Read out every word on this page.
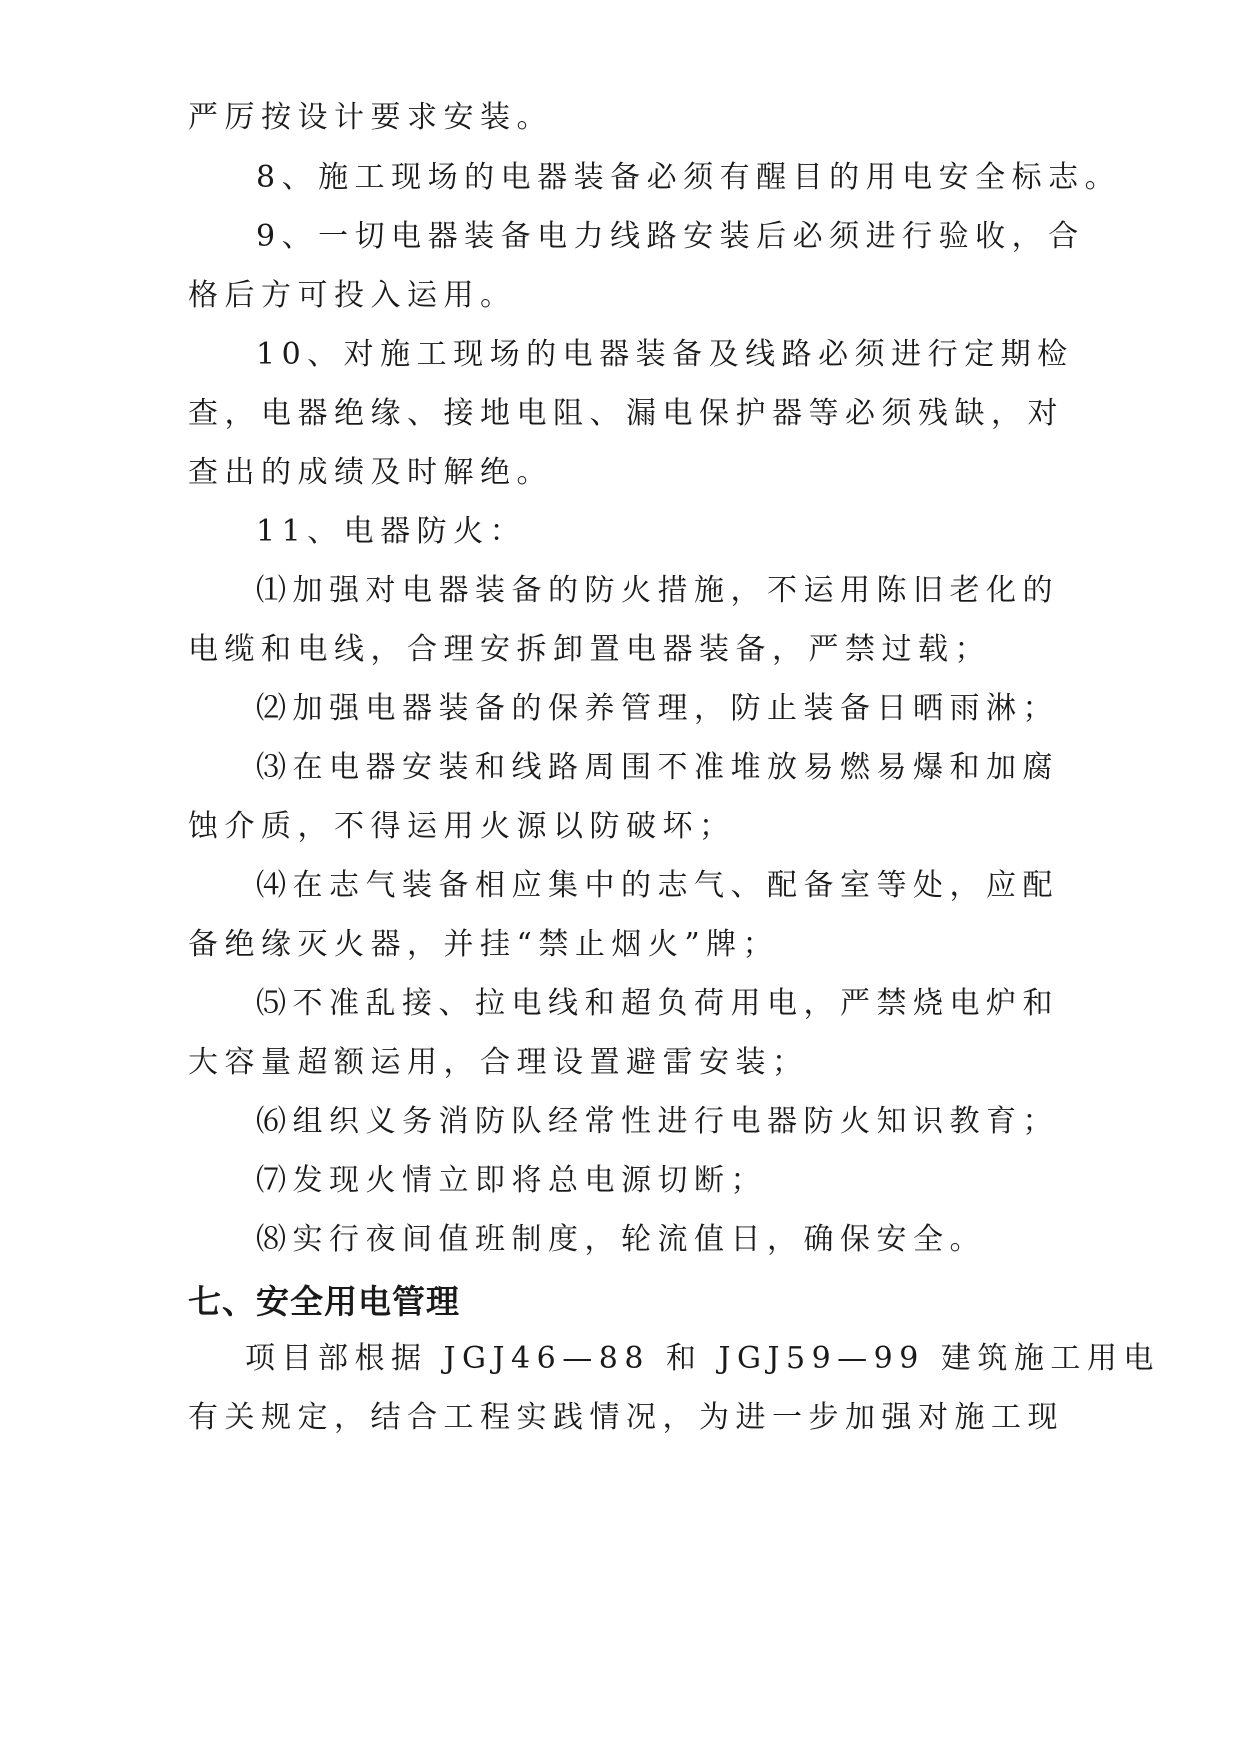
严厉按设计要求安装。
8、施工现场的电器装备必须有醒目的用电安全标志。
9、一切电器装备电力线路安装后必须进行验收，合
格后方可投入运用。
10、对施工现场的电器装备及线路必须进行定期检
查，电器绝缘、接地电阻、漏电保护器等必须残缺，对
查出的成绩及时解绝。
11、电器防火：
⑴加强对电器装备的防火措施，不运用陈旧老化的
电缆和电线，合理安拆卸置电器装备，严禁过载；
⑵加强电器装备的保养管理，防止装备日晒雨淋；
⑶在电器安装和线路周围不准堆放易燃易爆和加腐
蚀介质，不得运用火源以防破坏；
⑷在志气装备相应集中的志气、配备室等处，应配
备绝缘灭火器，并挂“禁止烟火”牌；
⑸不准乱接、拉电线和超负荷用电，严禁烧电炉和
大容量超额运用，合理设置避雷安装；
⑹组织义务消防队经常性进行电器防火知识教育；
⑺发现火情立即将总电源切断；
⑻实行夜间值班制度，轮流值日，确保安全。
七、安全用电管理
项目部根据 JGJ46—88 和 JGJ59—99 建筑施工用电
有关规定，结合工程实践情况，为进一步加强对施工现
